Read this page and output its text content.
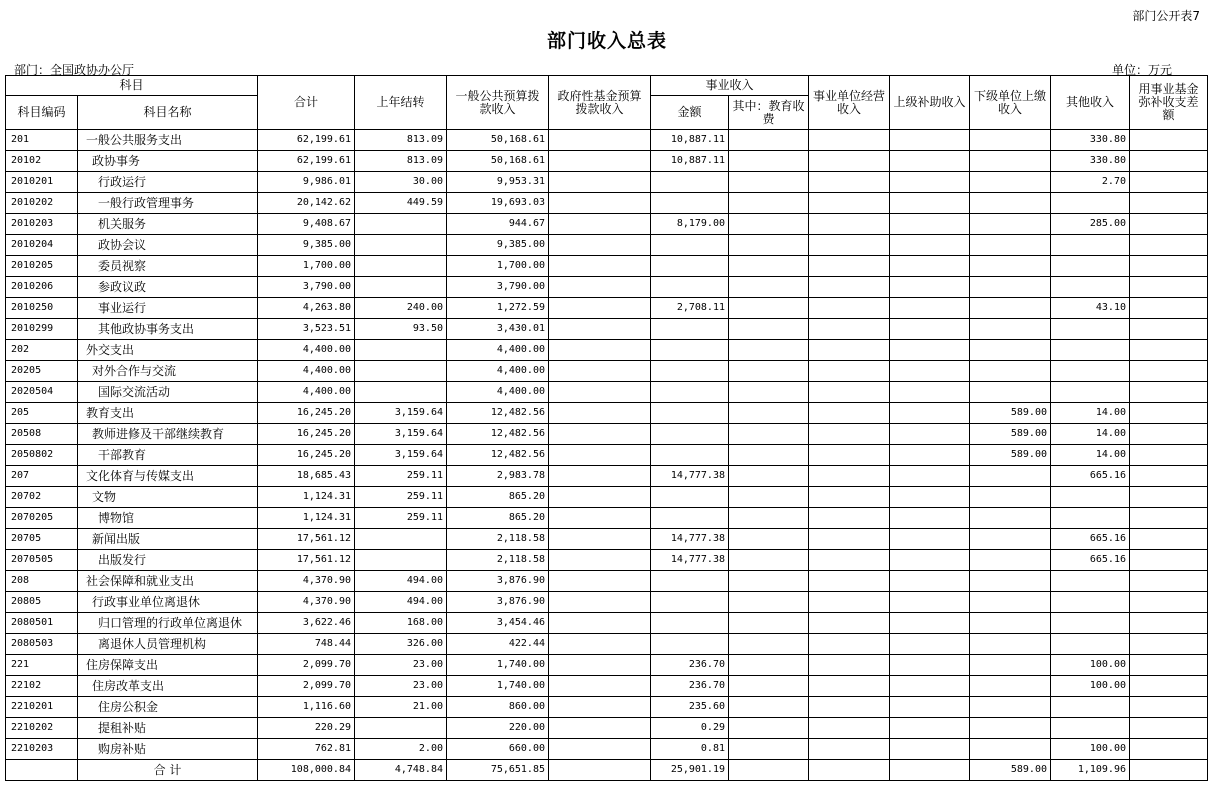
部门公开表7
部门收入总表
部门：全国政协办公厅	单位：万元
科目		合计	上年结转	一般公共预算拨款收入	政府性基金预算拨款收入	事业收入		事业单位经营收入	上级补助收入	下级单位上缴收入	其他收入	用事业基金弥补收支差额
科目编码	科目名称					金额	其中：教育收费					
201	一般公共服务支出	62,199.61	813.09	50,168.61		10,887.11					330.80	
20102	政协事务	62,199.61	813.09	50,168.61		10,887.11					330.80	
2010201	行政运行	9,986.01	30.00	9,953.31							2.70	
2010202	一般行政管理事务	20,142.62	449.59	19,693.03								
2010203	机关服务	9,408.67		944.67		8,179.00					285.00	
2010204	政协会议	9,385.00		9,385.00								
2010205	委员视察	1,700.00		1,700.00								
2010206	参政议政	3,790.00		3,790.00								
2010250	事业运行	4,263.80	240.00	1,272.59		2,708.11					43.10	
2010299	其他政协事务支出	3,523.51	93.50	3,430.01								
202	外交支出	4,400.00		4,400.00								
20205	对外合作与交流	4,400.00		4,400.00								
2020504	国际交流活动	4,400.00		4,400.00								
205	教育支出	16,245.20	3,159.64	12,482.56						589.00	14.00	
20508	教师进修及干部继续教育	16,245.20	3,159.64	12,482.56						589.00	14.00	
2050802	干部教育	16,245.20	3,159.64	12,482.56						589.00	14.00	
207	文化体育与传媒支出	18,685.43	259.11	2,983.78		14,777.38					665.16	
20702	文物	1,124.31	259.11	865.20								
2070205	博物馆	1,124.31	259.11	865.20								
20705	新闻出版	17,561.12		2,118.58		14,777.38					665.16	
2070505	出版发行	17,561.12		2,118.58		14,777.38					665.16	
208	社会保障和就业支出	4,370.90	494.00	3,876.90								
20805	行政事业单位离退休	4,370.90	494.00	3,876.90								
2080501	归口管理的行政单位离退休	3,622.46	168.00	3,454.46								
2080503	离退休人员管理机构	748.44	326.00	422.44								
221	住房保障支出	2,099.70	23.00	1,740.00		236.70					100.00	
22102	住房改革支出	2,099.70	23.00	1,740.00		236.70					100.00	
2210201	住房公积金	1,116.60	21.00	860.00		235.60						
2210202	提租补贴	220.29		220.00		0.29						
2210203	购房补贴	762.81	2.00	660.00		0.81					100.00	
	合 计	108,000.84	4,748.84	75,651.85		25,901.19				589.00	1,109.96	
